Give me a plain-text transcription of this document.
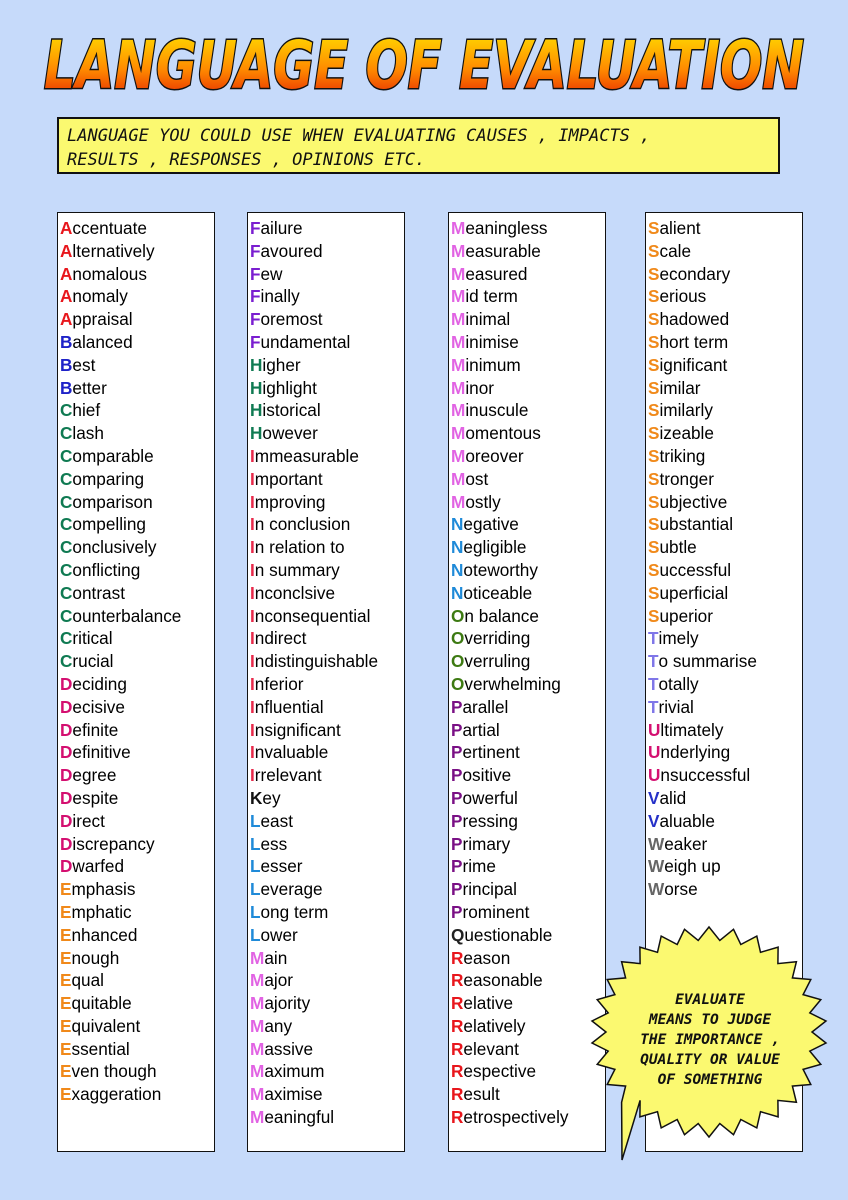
LANGUAGE OF EVALUATION
LANGUAGE YOU COULD USE WHEN EVALUATING CAUSES , IMPACTS ,
RESULTS , RESPONSES , OPINIONS ETC.
Accentuate
Alternatively
Anomalous
Anomaly
Appraisal
Balanced
Best
Better
Chief
Clash
Comparable
Comparing
Comparison
Compelling
Conclusively
Conflicting
Contrast
Counterbalance
Critical
Crucial
Deciding
Decisive
Definite
Definitive
Degree
Despite
Direct
Discrepancy
Dwarfed
Emphasis
Emphatic
Enhanced
Enough
Equal
Equitable
Equivalent
Essential
Even though
Exaggeration
Failure
Favoured
Few
Finally
Foremost
Fundamental
Higher
Highlight
Historical
However
Immeasurable
Important
Improving
In conclusion
In relation to
In summary
Inconclsive
Inconsequential
Indirect
Indistinguishable
Inferior
Influential
Insignificant
Invaluable
Irrelevant
Key
Least
Less
Lesser
Leverage
Long term
Lower
Main
Major
Majority
Many
Massive
Maximum
Maximise
Meaningful
Meaningless
Measurable
Measured
Mid term
Minimal
Minimise
Minimum
Minor
Minuscule
Momentous
Moreover
Most
Mostly
Negative
Negligible
Noteworthy
Noticeable
On balance
Overriding
Overruling
Overwhelming
Parallel
Partial
Pertinent
Positive
Powerful
Pressing
Primary
Prime
Principal
Prominent
Questionable
Reason
Reasonable
Relative
Relatively
Relevant
Respective
Result
Retrospectively
Salient
Scale
Secondary
Serious
Shadowed
Short term
Significant
Similar
Similarly
Sizeable
Striking
Stronger
Subjective
Substantial
Subtle
Successful
Superficial
Superior
Timely
To summarise
Totally
Trivial
Ultimately
Underlying
Unsuccessful
Valid
Valuable
Weaker
Weigh up
Worse
EVALUATE
MEANS TO JUDGE
THE IMPORTANCE ,
QUALITY OR VALUE
OF SOMETHING
